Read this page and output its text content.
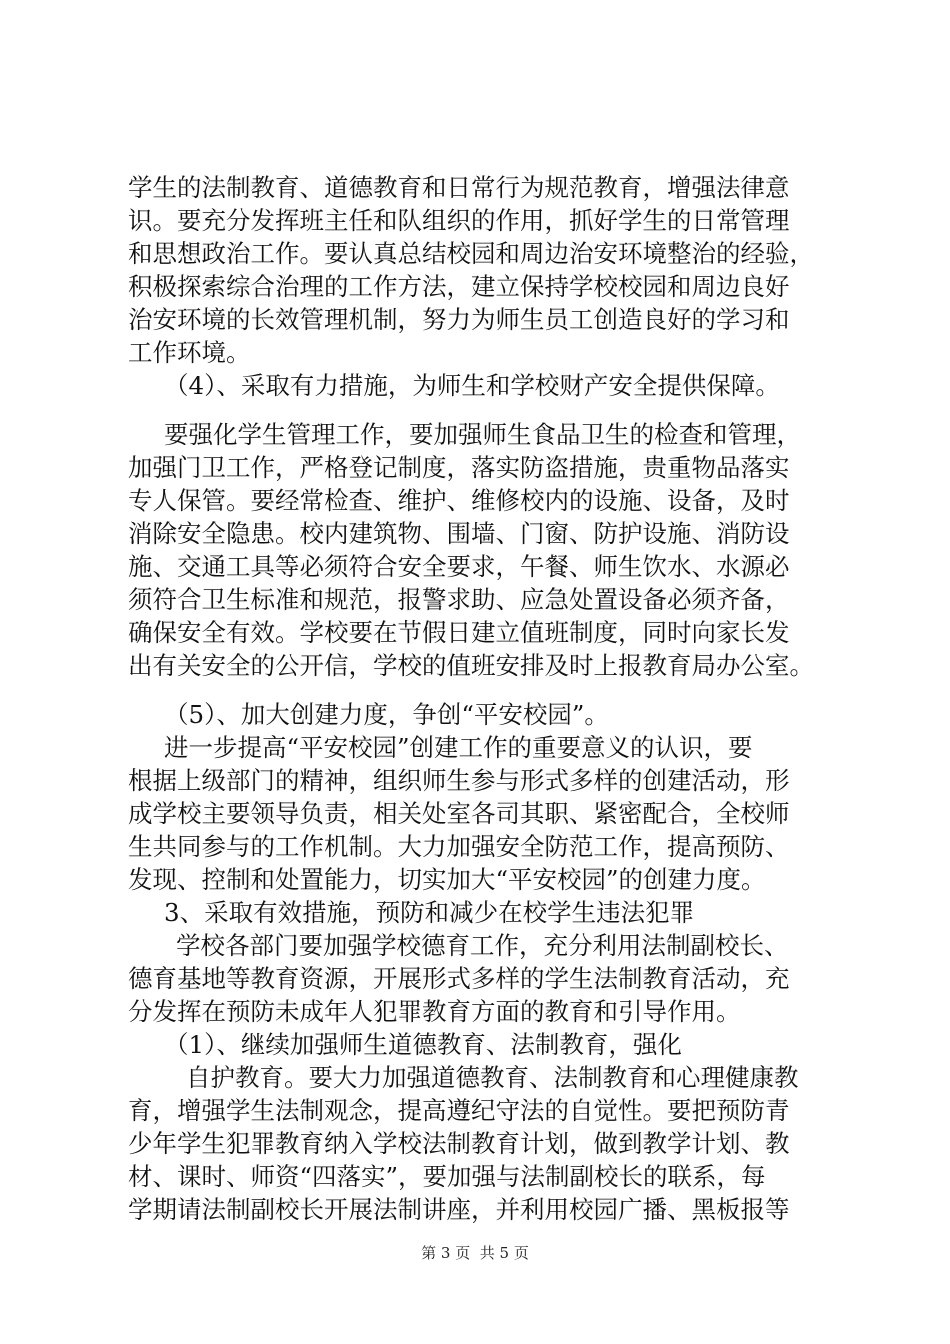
学生的法制教育、道德教育和日常行为规范教育，增强法律意
识。要充分发挥班主任和队组织的作用，抓好学生的日常管理
和思想政治工作。要认真总结校园和周边治安环境整治的经验，
积极探索综合治理的工作方法，建立保持学校校园和周边良好
治安环境的长效管理机制，努力为师生员工创造良好的学习和
工作环境。
（4）、采取有力措施，为师生和学校财产安全提供保障。
要强化学生管理工作，要加强师生食品卫生的检查和管理，
加强门卫工作，严格登记制度，落实防盗措施，贵重物品落实
专人保管。要经常检查、维护、维修校内的设施、设备，及时
消除安全隐患。校内建筑物、围墙、门窗、防护设施、消防设
施、交通工具等必须符合安全要求，午餐、师生饮水、水源必
须符合卫生标准和规范，报警求助、应急处置设备必须齐备，
确保安全有效。学校要在节假日建立值班制度，同时向家长发
出有关安全的公开信，学校的值班安排及时上报教育局办公室。
（5）、加大创建力度，争创“平安校园”。
进一步提高“平安校园”创建工作的重要意义的认识，要
根据上级部门的精神，组织师生参与形式多样的创建活动，形
成学校主要领导负责，相关处室各司其职、紧密配合，全校师
生共同参与的工作机制。大力加强安全防范工作，提高预防、
发现、控制和处置能力，切实加大“平安校园”的创建力度。
3、采取有效措施，预防和减少在校学生违法犯罪
学校各部门要加强学校德育工作，充分利用法制副校长、
德育基地等教育资源，开展形式多样的学生法制教育活动，充
分发挥在预防未成年人犯罪教育方面的教育和引导作用。
（1）、继续加强师生道德教育、法制教育，强化
自护教育。要大力加强道德教育、法制教育和心理健康教
育，增强学生法制观念，提高遵纪守法的自觉性。要把预防青
少年学生犯罪教育纳入学校法制教育计划，做到教学计划、教
材、课时、师资“四落实”，要加强与法制副校长的联系，每
学期请法制副校长开展法制讲座，并利用校园广播、黑板报等
第 3 页  共 5 页
